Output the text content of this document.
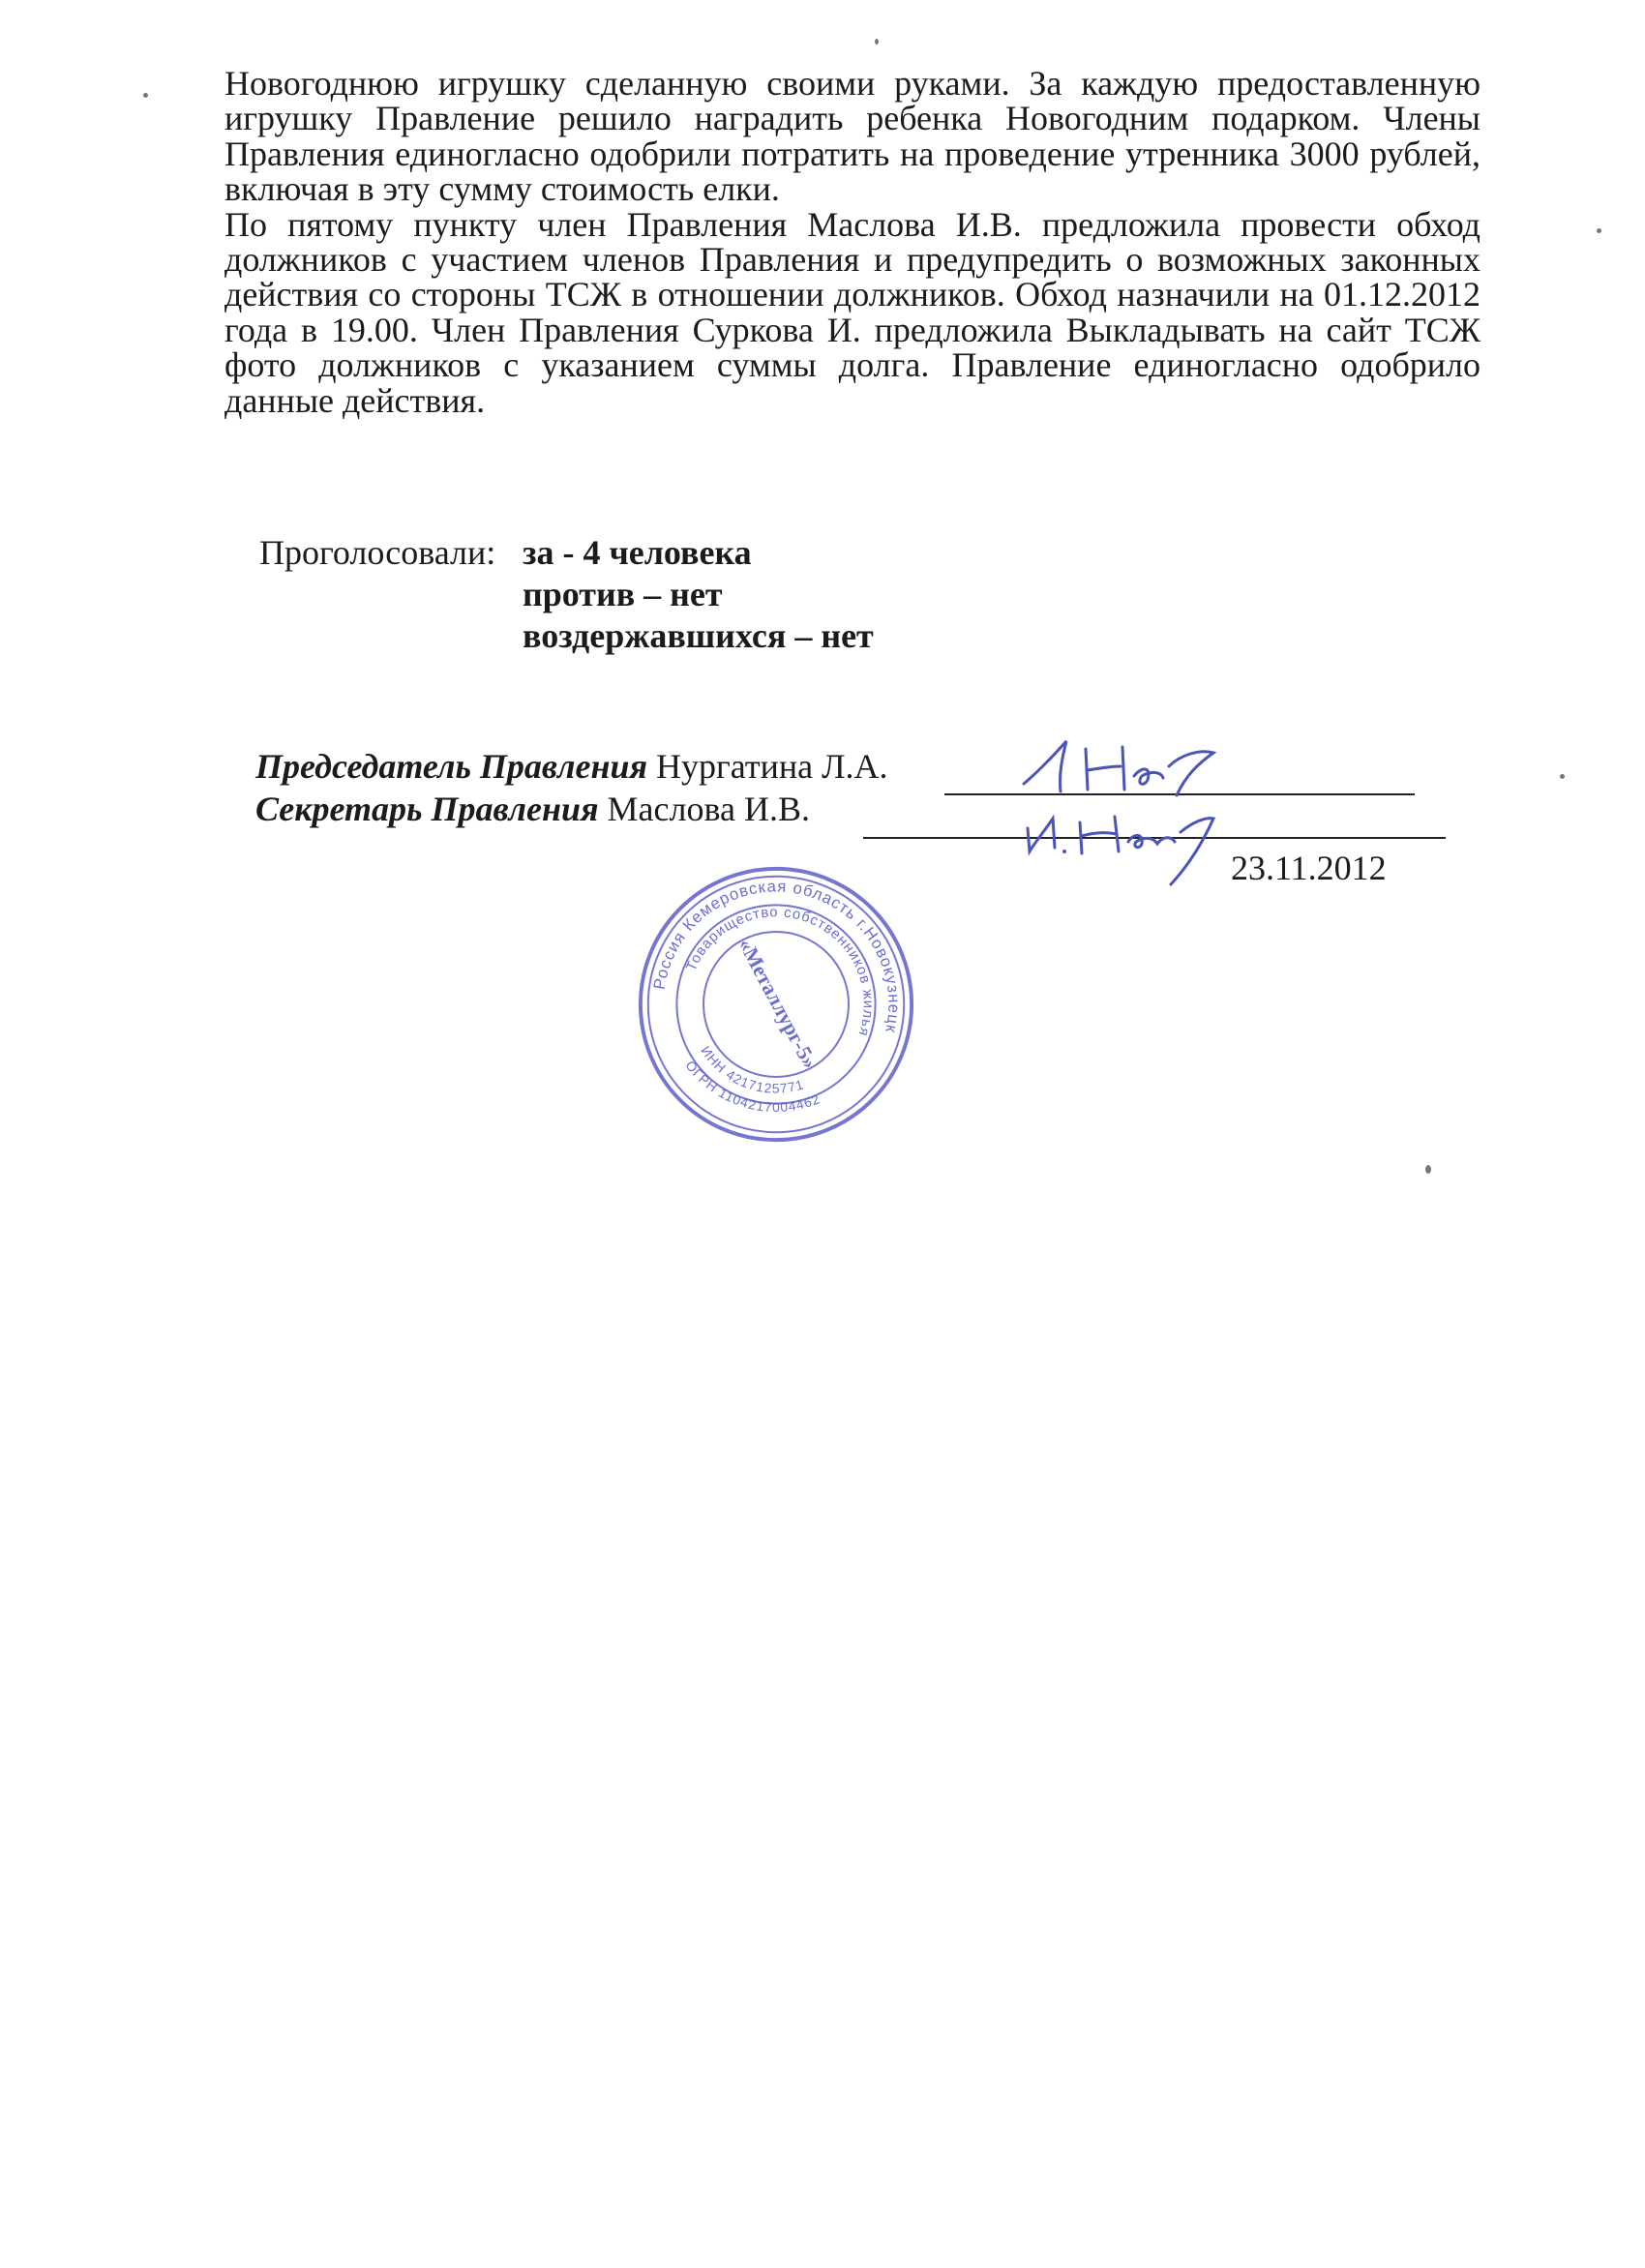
Новогоднюю игрушку сделанную своими руками. За каждую предоставленную игрушку Правление решило наградить ребенка Новогодним подарком. Члены Правления единогласно одобрили потратить на проведение утренника 3000 рублей, включая в эту сумму стоимость елки.

По пятому пункту член Правления Маслова И.В. предложила провести обход должников с участием членов Правления и предупредить о возможных законных действия со стороны ТСЖ в отношении должников. Обход назначили на 01.12.2012 года в 19.00. Член Правления Суркова И. предложила Выкладывать на сайт ТСЖ фото должников с указанием суммы долга. Правление единогласно одобрило данные действия.

Проголосовали: за - 4 человека
против – нет
воздержавшихся – нет
Председатель Правления Нургатина Л.А.
Секретарь Правления Маслова И.В.
23.11.2012
Россия Кемеровская область г.Новокузнецк
Товарищество собственников жилья
ИНН 4217125771
ОГРН 1104217004462
«Металлург-5»
